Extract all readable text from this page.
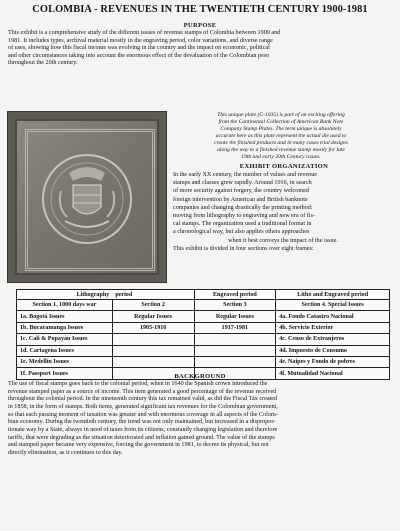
COLOMBIA - REVENUES IN THE TWENTIETH CENTURY 1900-1981
PURPOSE
This exhibit is a comprehensive study of the different issues of revenue stamps of Colombia between 1900 and
1981. It includes types, archival material mostly in the engraving period, color variations, and diverse range
of uses, showing how this fiscal income was evolving in the country and the impact on economic, political
and other circumstances taking into account the enormous effect of the devaluation of the Colombian peso
throughout the 20th century.
This unique plate (C-1035) is part of an exciting offering
from the Continental Collection of American Bank Note
Company Stamp Plates. The term unique is absolutely
accurate here as this plate represent the actual die used to
create the finished products and in many cases trial designs
along the way to a finished revenue stamp mostly for late
19th and early 20th Century issues.
EXHIBIT ORGANIZATION
In the early XX century, the number of values and revenue
stamps and classes grew rapidly. Around 1916, in search
of more security against forgery, the country welcomed
foreign intervention by American and British banknote
companies and changing drastically the printing method:
moving from lithography to engraving and new era of fis-
cal stamps. The organization used a traditional format in
a chronological way, but also applies others approaches
when it best conveys the impact of the issue.
This exhibit is divided in four sections over eight frames:
Lithography	period	Engraved period	Litho and Engraved period
Section 1. 1000 days war	Section 2	Section 3	Section 4. Special Issues
1a. Bogotá Issues	Regular Issues	Regular Issues	4a. Fondo Catastro Nacional
1b. Bucaramanga Issues	1905-1916	1917-1981	4b. Servicio Exterior
1c. Cali & Popayán Issues			4c. Censo de Extranjeros
1d. Cartagena Issues			4d. Impuesto de Consumo
1e. Medellín Issues			4e. Naipes y Fondo de pobres
1f. Passport Issues			4f. Mutualidad Nacional
BACKGROUND
The use of fiscal stamps goes back to the colonial period, when in 1640 the Spanish crown introduced the
revenue stamped paper as a source of income. This item generated a good percentage of the revenue received
throughout the colonial period. In the nineteenth century this tax remained valid, as did the Fiscal Tax created
in 1858, in the form of stamps. Both items, generated significant tax revenues for the Colombian government,
so that each passing moment of taxation was greater and with enormous coverage in all aspects of the Colom-
bian economy. During the twentieth century, the trend was not only maintained, but increased in a dispropor-
tionate way by a State, always in need of taxes from its citizens, constantly changing legislation and therefore
tariffs, that were degrading as the situation deteriorated and inflation gained ground. The value of the stamps
and stamped paper became very expensive, forcing the government in 1981, to decree its physical, but not
directly elimination, as it continues to this day.
